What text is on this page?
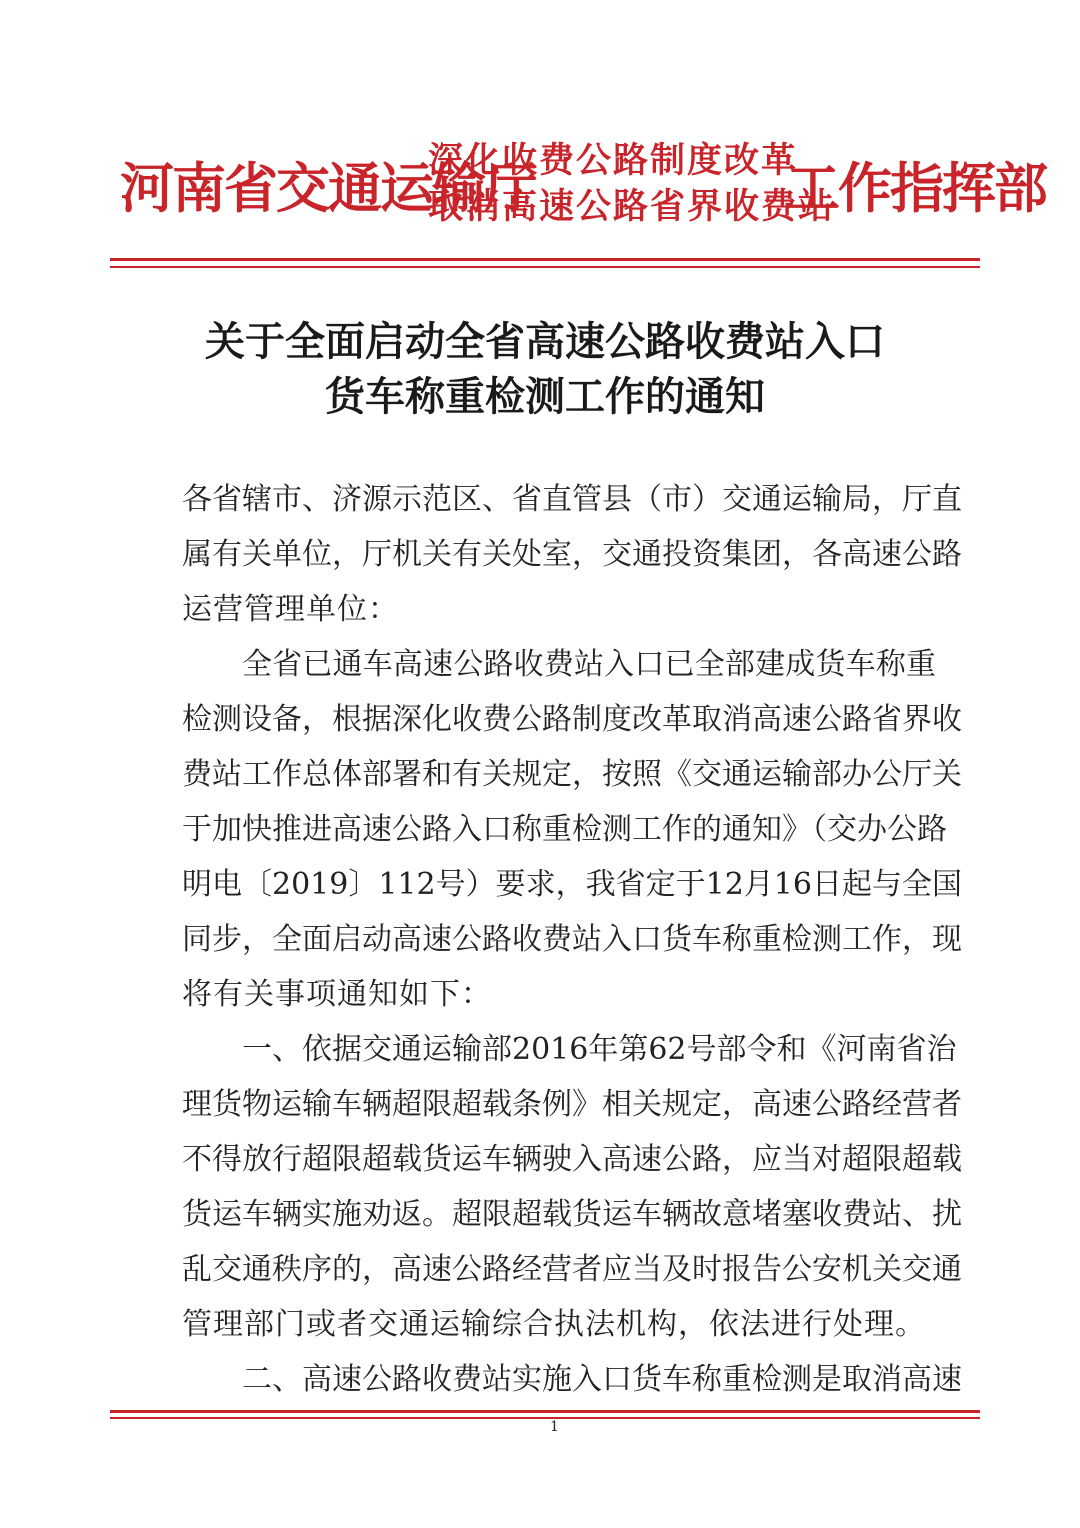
河南省交通运输厅
深化收费公路制度改革
取消高速公路省界收费站
工作指挥部
关于全面启动全省高速公路收费站入口
货车称重检测工作的通知
各省辖市、济源示范区、省直管县（市）交通运输局，厅直
属有关单位，厅机关有关处室，交通投资集团，各高速公路
运营管理单位：
全省已通车高速公路收费站入口已全部建成货车称重
检测设备，根据深化收费公路制度改革取消高速公路省界收
费站工作总体部署和有关规定，按照《交通运输部办公厅关
于加快推进高速公路入口称重检测工作的通知》（交办公路
明电〔2019〕112号）要求，我省定于12月16日起与全国
同步，全面启动高速公路收费站入口货车称重检测工作，现
将有关事项通知如下：
一、依据交通运输部2016年第62号部令和《河南省治
理货物运输车辆超限超载条例》相关规定，高速公路经营者
不得放行超限超载货运车辆驶入高速公路，应当对超限超载
货运车辆实施劝返。超限超载货运车辆故意堵塞收费站、扰
乱交通秩序的，高速公路经营者应当及时报告公安机关交通
管理部门或者交通运输综合执法机构，依法进行处理。
二、高速公路收费站实施入口货车称重检测是取消高速
1
